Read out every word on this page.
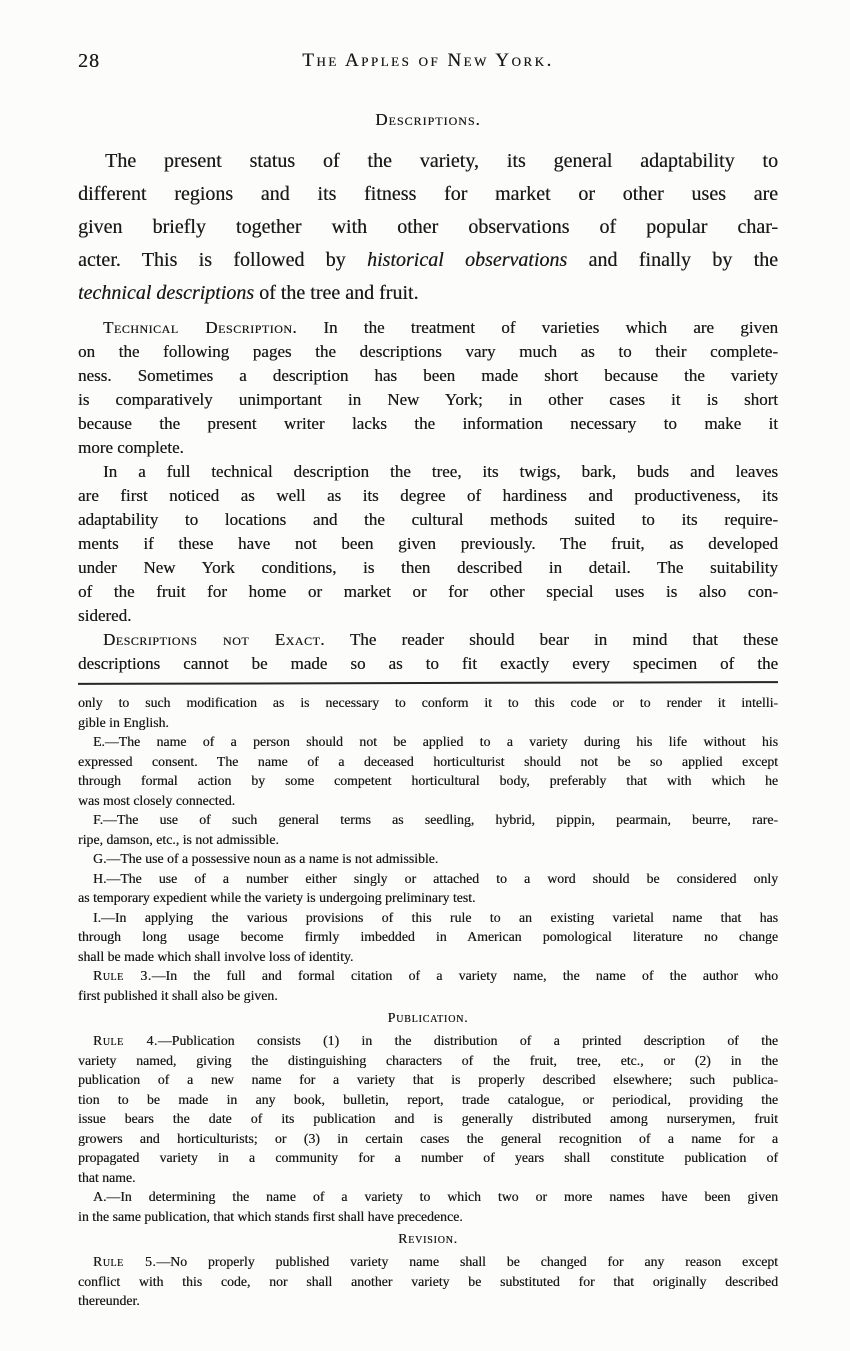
28	The Apples of New York.
Descriptions.
The present status of the variety, its general adaptability to
different regions and its fitness for market or other uses are
given briefly together with other observations of popular char-
acter. This is followed by historical observations and finally by the
technical descriptions of the tree and fruit.
Technical Description. In the treatment of varieties which are given
on the following pages the descriptions vary much as to their complete-
ness. Sometimes a description has been made short because the variety
is comparatively unimportant in New York; in other cases it is short
because the present writer lacks the information necessary to make it
more complete.
In a full technical description the tree, its twigs, bark, buds and leaves
are first noticed as well as its degree of hardiness and productiveness, its
adaptability to locations and the cultural methods suited to its require-
ments if these have not been given previously. The fruit, as developed
under New York conditions, is then described in detail. The suitability
of the fruit for home or market or for other special uses is also con-
sidered.
Descriptions not Exact. The reader should bear in mind that these
descriptions cannot be made so as to fit exactly every specimen of the
only to such modification as is necessary to conform it to this code or to render it intelli-
gible in English.
E.—The name of a person should not be applied to a variety during his life without his
expressed consent. The name of a deceased horticulturist should not be so applied except
through formal action by some competent horticultural body, preferably that with which he
was most closely connected.
F.—The use of such general terms as seedling, hybrid, pippin, pearmain, beurre, rare-
ripe, damson, etc., is not admissible.
G.—The use of a possessive noun as a name is not admissible.
H.—The use of a number either singly or attached to a word should be considered only
as temporary expedient while the variety is undergoing preliminary test.
I.—In applying the various provisions of this rule to an existing varietal name that has
through long usage become firmly imbedded in American pomological literature no change
shall be made which shall involve loss of identity.
Rule 3.—In the full and formal citation of a variety name, the name of the author who
first published it shall also be given.
Publication.
Rule 4.—Publication consists (1) in the distribution of a printed description of the
variety named, giving the distinguishing characters of the fruit, tree, etc., or (2) in the
publication of a new name for a variety that is properly described elsewhere; such publica-
tion to be made in any book, bulletin, report, trade catalogue, or periodical, providing the
issue bears the date of its publication and is generally distributed among nurserymen, fruit
growers and horticulturists; or (3) in certain cases the general recognition of a name for a
propagated variety in a community for a number of years shall constitute publication of
that name.
A.—In determining the name of a variety to which two or more names have been given
in the same publication, that which stands first shall have precedence.
Revision.
Rule 5.—No properly published variety name shall be changed for any reason except
conflict with this code, nor shall another variety be substituted for that originally described
thereunder.
